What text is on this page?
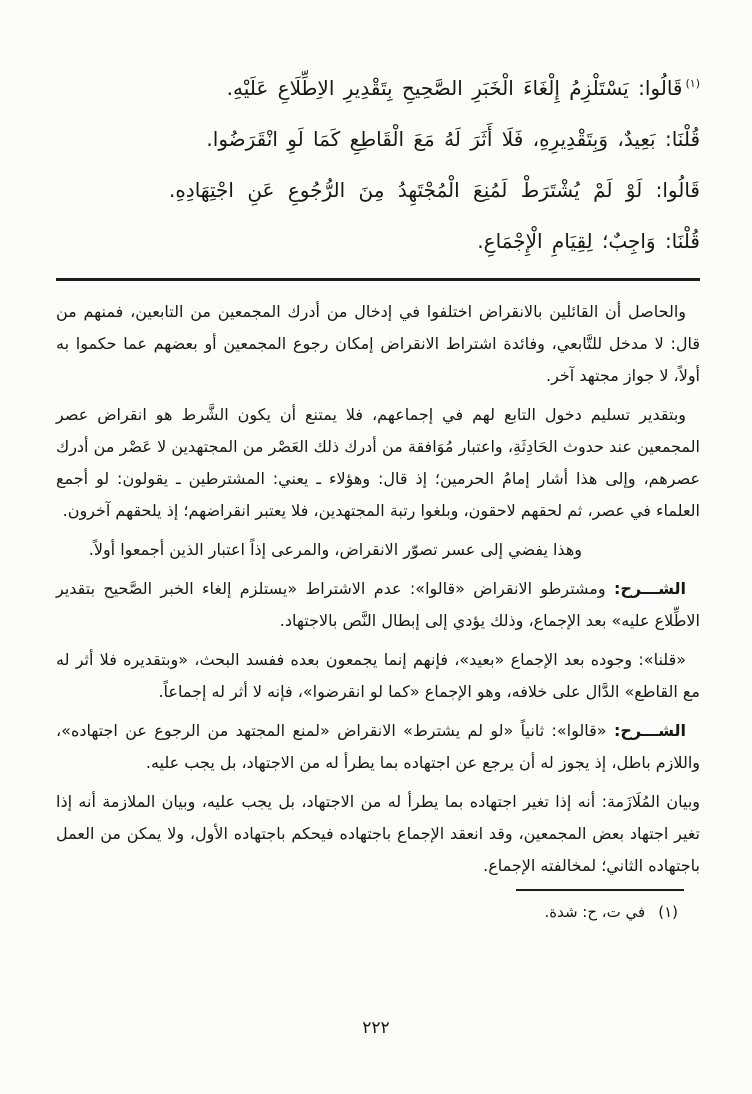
$^{(١)}$قَالُوا: يَسْتَلْزِمُ إِلْغَاءَ الْخَبَرِ الصَّحِيحِ بِتَقْدِيرِ الاِطِّلَاعِ عَلَيْهِ.

قُلْنَا: بَعِيدٌ، وَبِتَقْدِيرِهِ، فَلَا أَثَرَ لَهُ مَعَ الْقَاطِعِ كَمَا لَوِ انْقَرَضُوا.

قَالُوا: لَوْ لَمْ يُشْتَرَطْ لَمُنِعَ الْمُجْتَهِدُ مِنَ الرُّجُوعِ عَنِ اجْتِهَادِهِ.

قُلْنَا: وَاجِبٌ؛ لِقِيَامِ الْإِجْمَاعِ.

والحاصل أن القائلين بالانقراض اختلفوا في إدخال من أدرك المجمعين من التابعين، فمنهم من قال: لا مدخل للتَّابعي، وفائدة اشتراط الانقراض إمكان رجوع المجمعين أو بعضهم عما حكموا به أولاً، لا جواز مجتهد آخر.

وبتقدير تسليم دخول التابع لهم في إجماعهم، فلا يمتنع أن يكون الشَّرط هو انقراض عصر المجمعين عند حدوث الحَادِثَةِ، واعتبار مُوَافقة من أدرك ذلك العَصْر من المجتهدين لا عَصْر من أدرك عصرهم، وإلى هذا أشار إمامُ الحرمين؛ إذ قال: وهؤلاء ـ يعني: المشترطين ـ يقولون: لو أجمع العلماء في عصر، ثم لحقهم لاحقون، وبلغوا رتبة المجتهدين، فلا يعتبر انقراضهم؛ إذ يلحقهم آخرون.

وهذا يفضي إلى عسر تصوّر الانقراض، والمرعى إذاً اعتبار الذين أجمعوا أولاً.

الشـــرح: ومشترطو الانقراض «قالوا»: عدم الاشتراط «يستلزم إلغاء الخبر الصَّحيح بتقدير الاطِّلاع عليه» بعد الإجماع، وذلك يؤدي إلى إبطال النَّص بالاجتهاد.

«قلنا»: وجوده بعد الإجماع «بعيد»، فإنهم إنما يجمعون بعده ففسد البحث، «وبتقديره فلا أثر له مع القاطع» الدَّال على خلافه، وهو الإجماع «كما لو انقرضوا»، فإنه لا أثر له إجماعاً.

الشـــرح: «قالوا»: ثانياً «لو لم يشترط» الانقراض «لمنع المجتهد من الرجوع عن اجتهاده»، واللازم باطل، إذ يجوز له أن يرجع عن اجتهاده بما يطرأ له من الاجتهاد، بل يجب عليه.

وبيان المُلَازَمة: أنه إذا تغير اجتهاده بما يطرأ له من الاجتهاد، بل يجب عليه، وبيان الملازمة أنه إذا تغير اجتهاد بعض المجمعين، وقد انعقد الإجماع باجتهاده فيحكم باجتهاده الأول، ولا يمكن من العمل باجتهاده الثاني؛ لمخالفته الإجماع.

(١)في ت، ح: شدة.

٢٢٢
